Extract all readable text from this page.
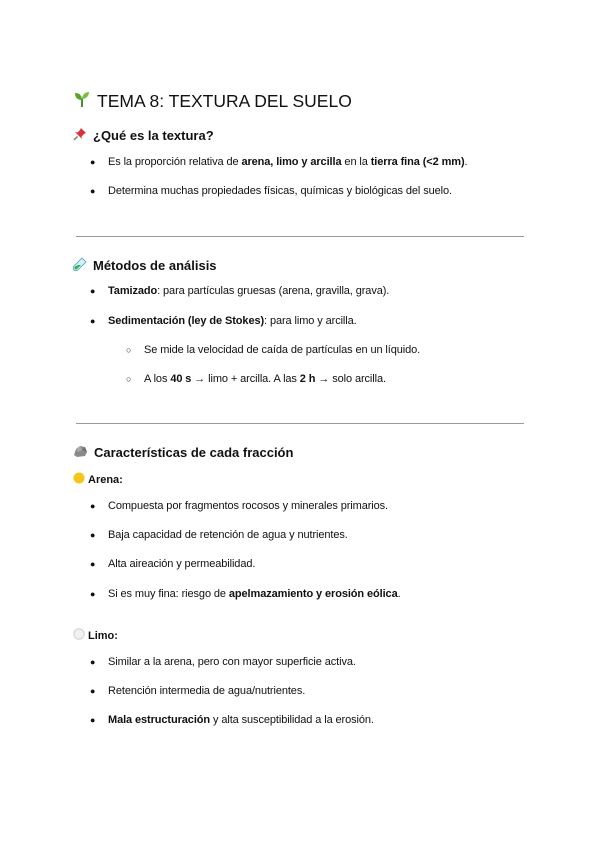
TEMA 8: TEXTURA DEL SUELO
¿Qué es la textura?
●	Es la proporción relativa de arena, limo y arcilla en la tierra fina (<2 mm).
●	Determina muchas propiedades físicas, químicas y biológicas del suelo.
Métodos de análisis
●	Tamizado: para partículas gruesas (arena, gravilla, grava).
●	Sedimentación (ley de Stokes): para limo y arcilla.
○	Se mide la velocidad de caída de partículas en un líquido.
○	A los 40 s → limo + arcilla. A las 2 h → solo arcilla.
Características de cada fracción
Arena:
●	Compuesta por fragmentos rocosos y minerales primarios.
●	Baja capacidad de retención de agua y nutrientes.
●	Alta aireación y permeabilidad.
●	Si es muy fina: riesgo de apelmazamiento y erosión eólica.
Limo:
●	Similar a la arena, pero con mayor superficie activa.
●	Retención intermedia de agua/nutrientes.
●	Mala estructuración y alta susceptibilidad a la erosión.
